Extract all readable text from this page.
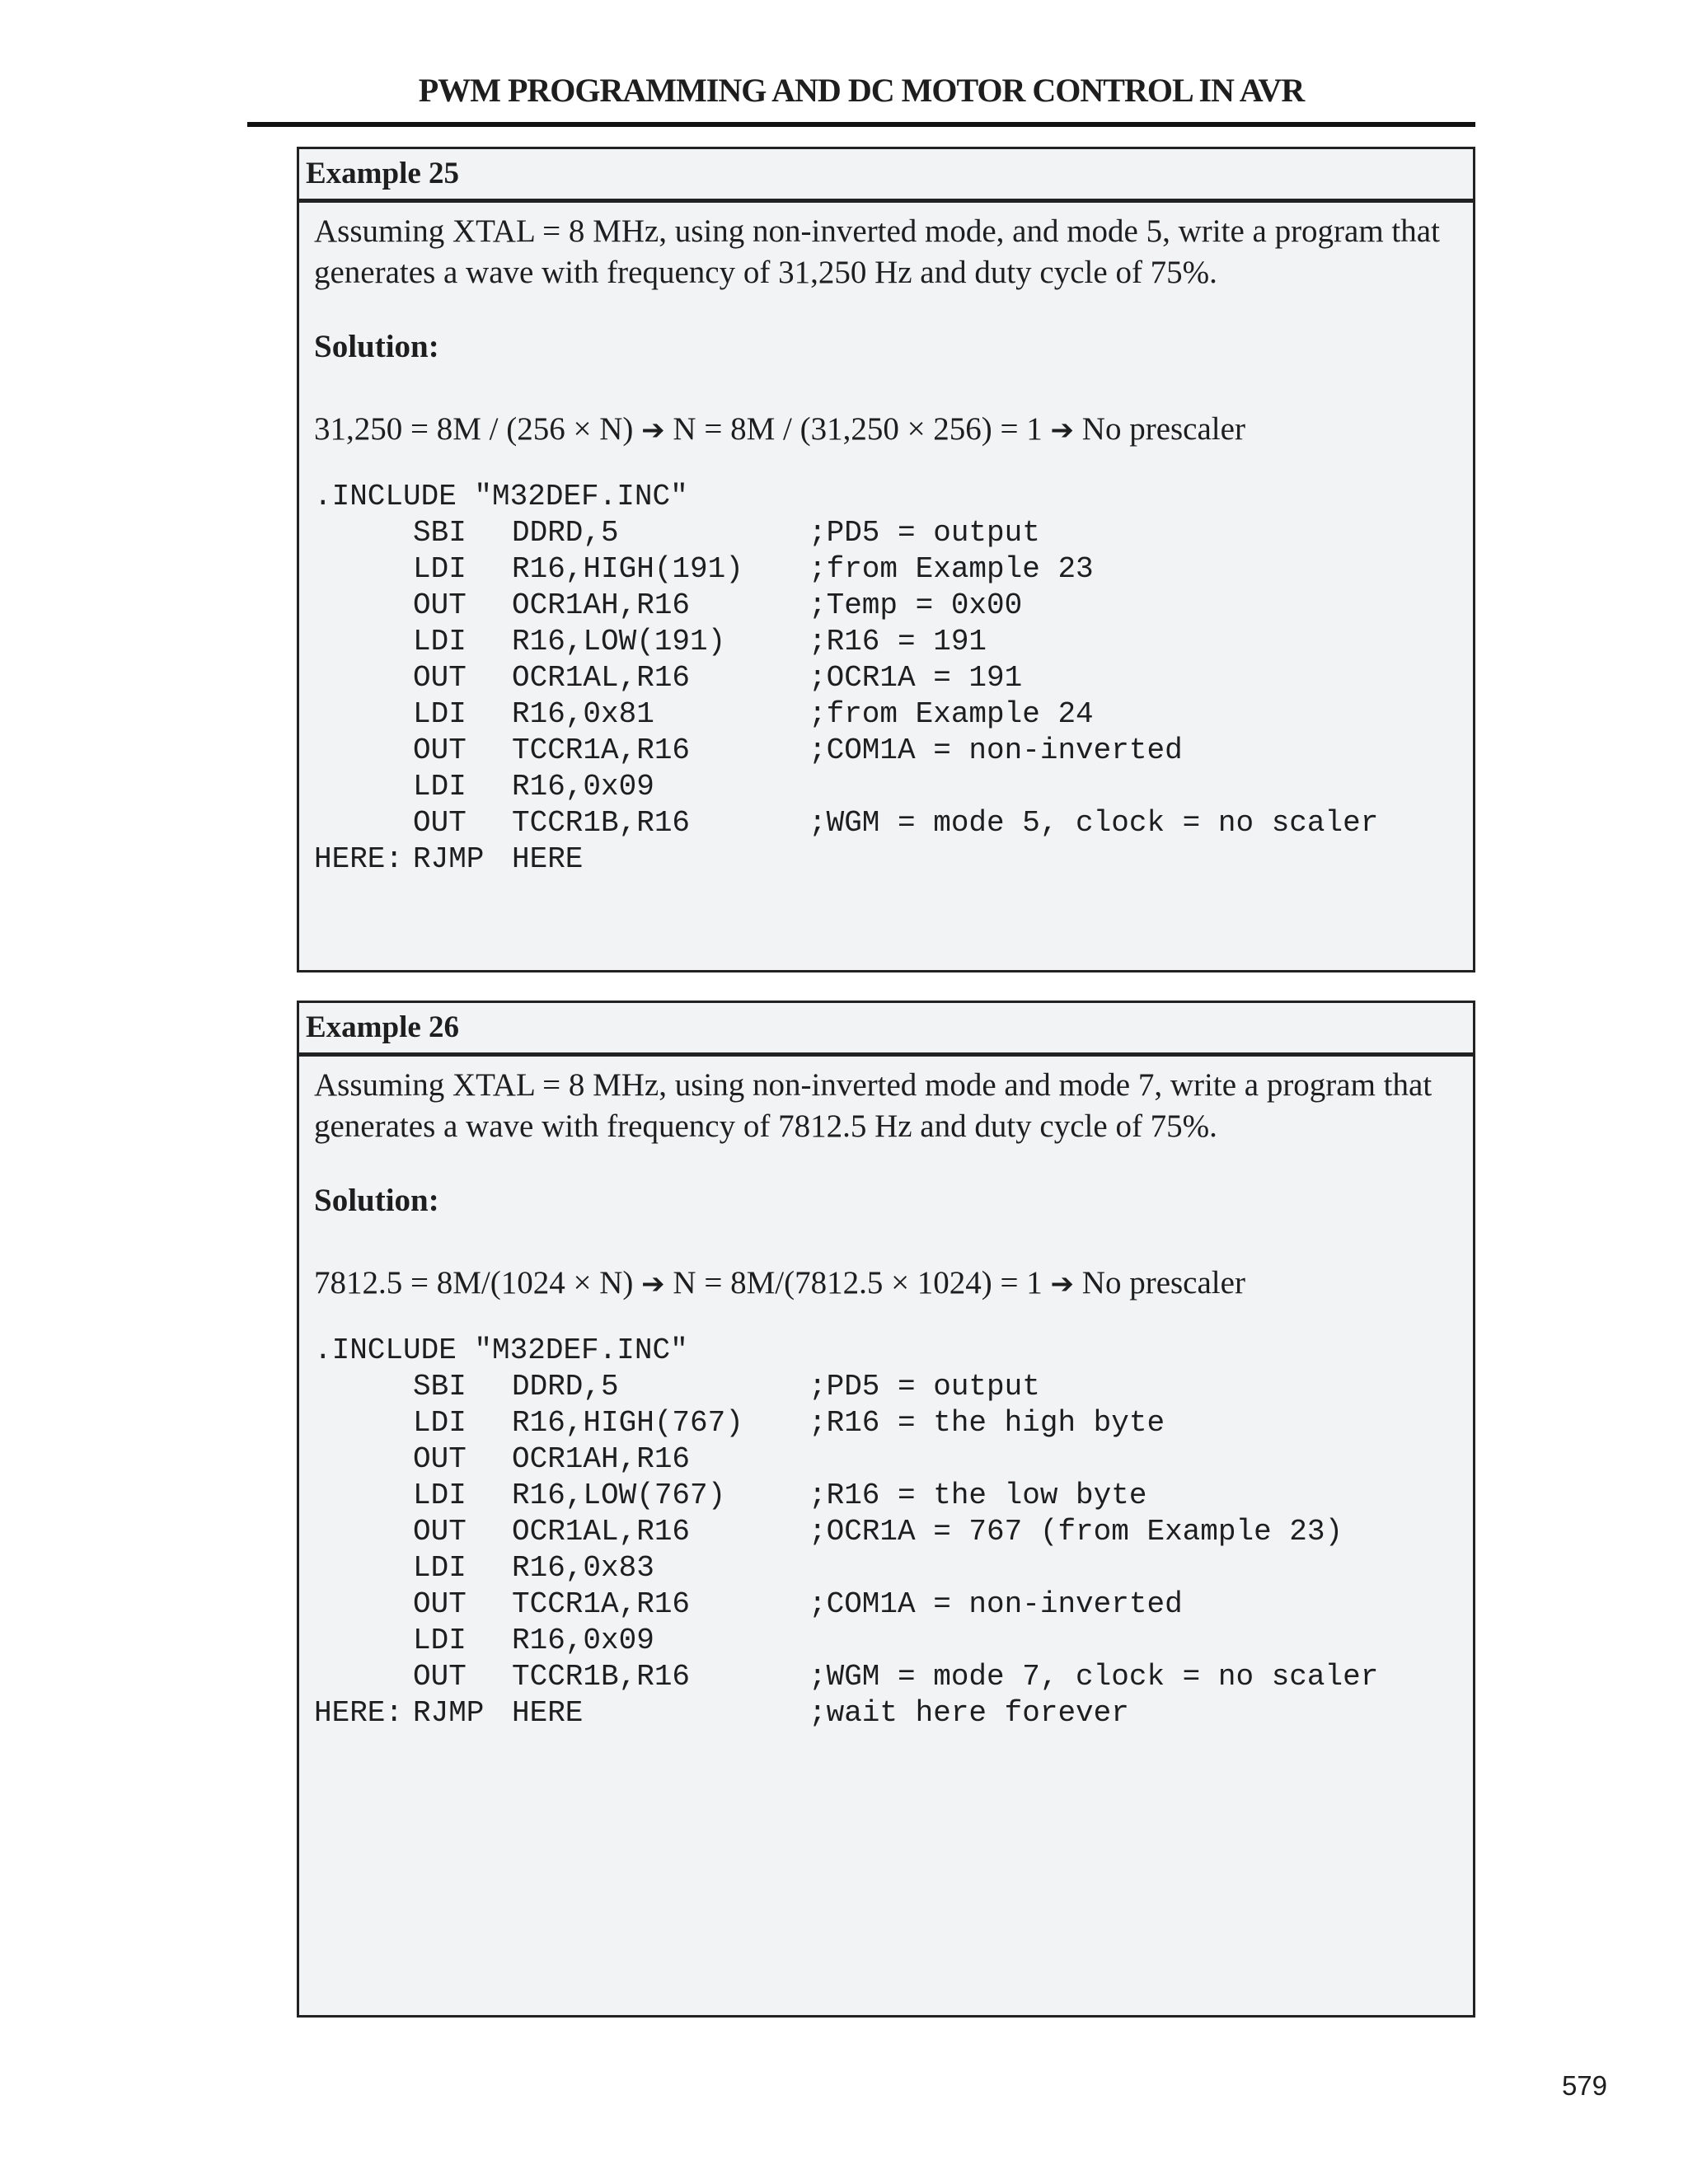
PWM PROGRAMMING AND DC MOTOR CONTROL IN AVR
Example 25

Assuming XTAL = 8 MHz, using non-inverted mode, and mode 5, write a program that
generates a wave with frequency of 31,250 Hz and duty cycle of 75%.

Solution:
31,250 = 8M / (256 × N) ➔ N = 8M / (31,250 × 256) = 1 ➔ No prescaler
.INCLUDE "M32DEF.INC"
SBI DDRD,5	;PD5 = output
LDI R16,HIGH(191) ;from Example 23
OUT OCR1AH,R16	;Temp = 0x00
LDI R16,LOW(191)	;R16 = 191
OUT OCR1AL,R16	;OCR1A = 191
LDI R16,0x81	;from Example 24
OUT TCCR1A,R16	;COM1A = non-inverted
LDI R16,0x09
OUT TCCR1B,R16	;WGM = mode 5, clock = no scaler
HERE: RJMP HERE
Example 26

Assuming XTAL = 8 MHz, using non-inverted mode and mode 7, write a program that
generates a wave with frequency of 7812.5 Hz and duty cycle of 75%.

Solution:
7812.5 = 8M/(1024 × N) ➔ N = 8M/(7812.5 × 1024) = 1 ➔ No prescaler
.INCLUDE "M32DEF.INC"
SBI DDRD,5	;PD5 = output
LDI R16,HIGH(767) ;R16 = the high byte
OUT OCR1AH,R16
LDI R16,LOW(767)	;R16 = the low byte
OUT OCR1AL,R16	;OCR1A = 767 (from Example 23)
LDI R16,0x83
OUT TCCR1A,R16	;COM1A = non-inverted
LDI R16,0x09
OUT TCCR1B,R16	;WGM = mode 7, clock = no scaler
HERE: RJMP HERE	;wait here forever
579
